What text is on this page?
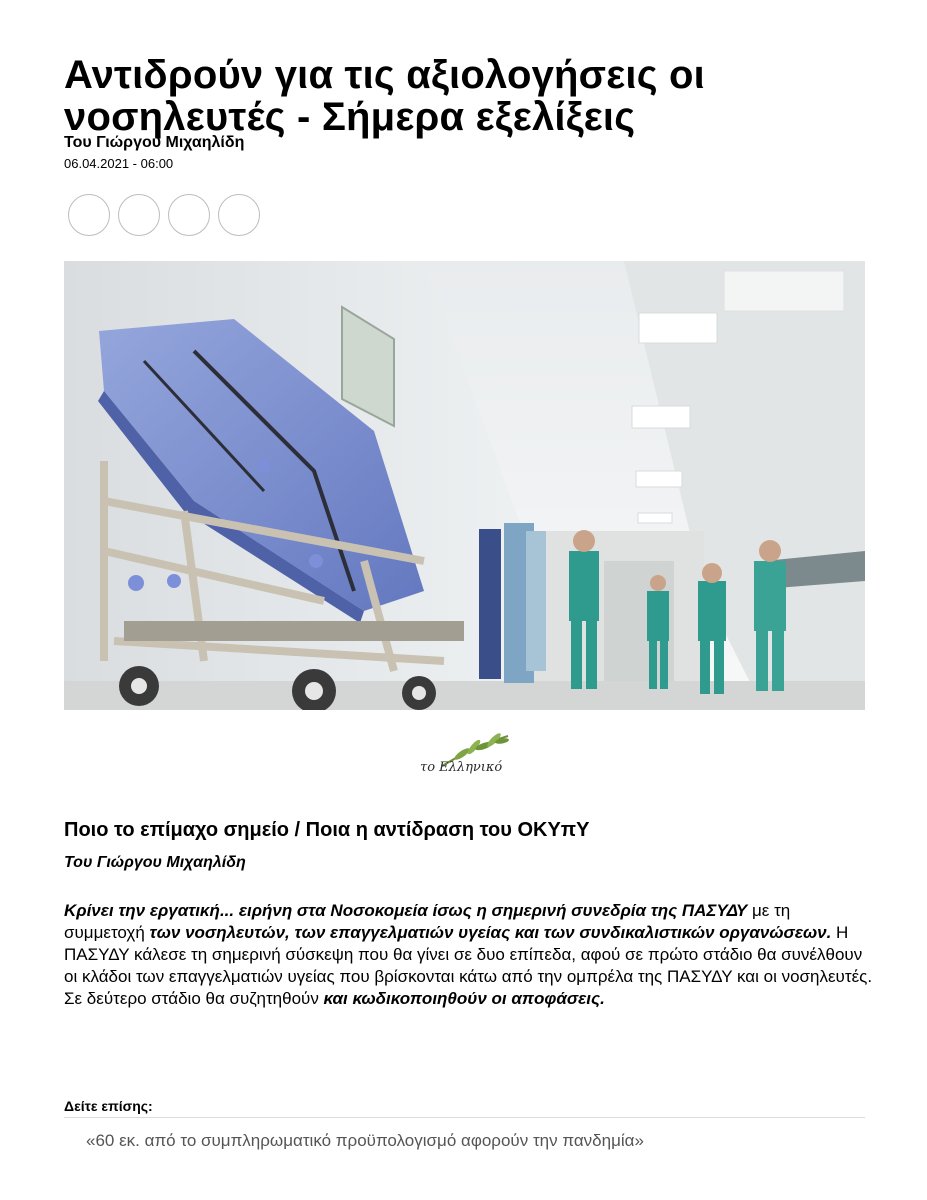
Αντιδρούν για τις αξιολογήσεις οι νοσηλευτές - Σήμερα εξελίξεις
Του Γιώργου Μιχαηλίδη
06.04.2021 - 06:00
το Ελληνικό
Ποιο το επίμαχο σημείο / Ποια η αντίδραση του ΟΚΥπΥ
Του Γιώργου Μιχαηλίδη

Κρίνει την εργατική... ειρήνη στα Νοσοκομεία ίσως η σημερινή συνεδρία της ΠΑΣΥΔΥ με τη συμμετοχή των νοσηλευτών, των επαγγελματιών υγείας και των συνδικαλιστικών οργανώσεων. Η ΠΑΣΥΔΥ κάλεσε τη σημερινή σύσκεψη που θα γίνει σε δυο επίπεδα, αφού σε πρώτο στάδιο θα συνέλθουν οι κλάδοι των επαγγελματιών υγείας που βρίσκονται κάτω από την ομπρέλα της ΠΑΣΥΔΥ και οι νοσηλευτές. Σε δεύτερο στάδιο θα συζητηθούν και κωδικοποιηθούν οι αποφάσεις.

Δείτε επίσης:
«60 εκ. από το συμπληρωματικό προϋπολογισμό αφορούν την πανδημία»
